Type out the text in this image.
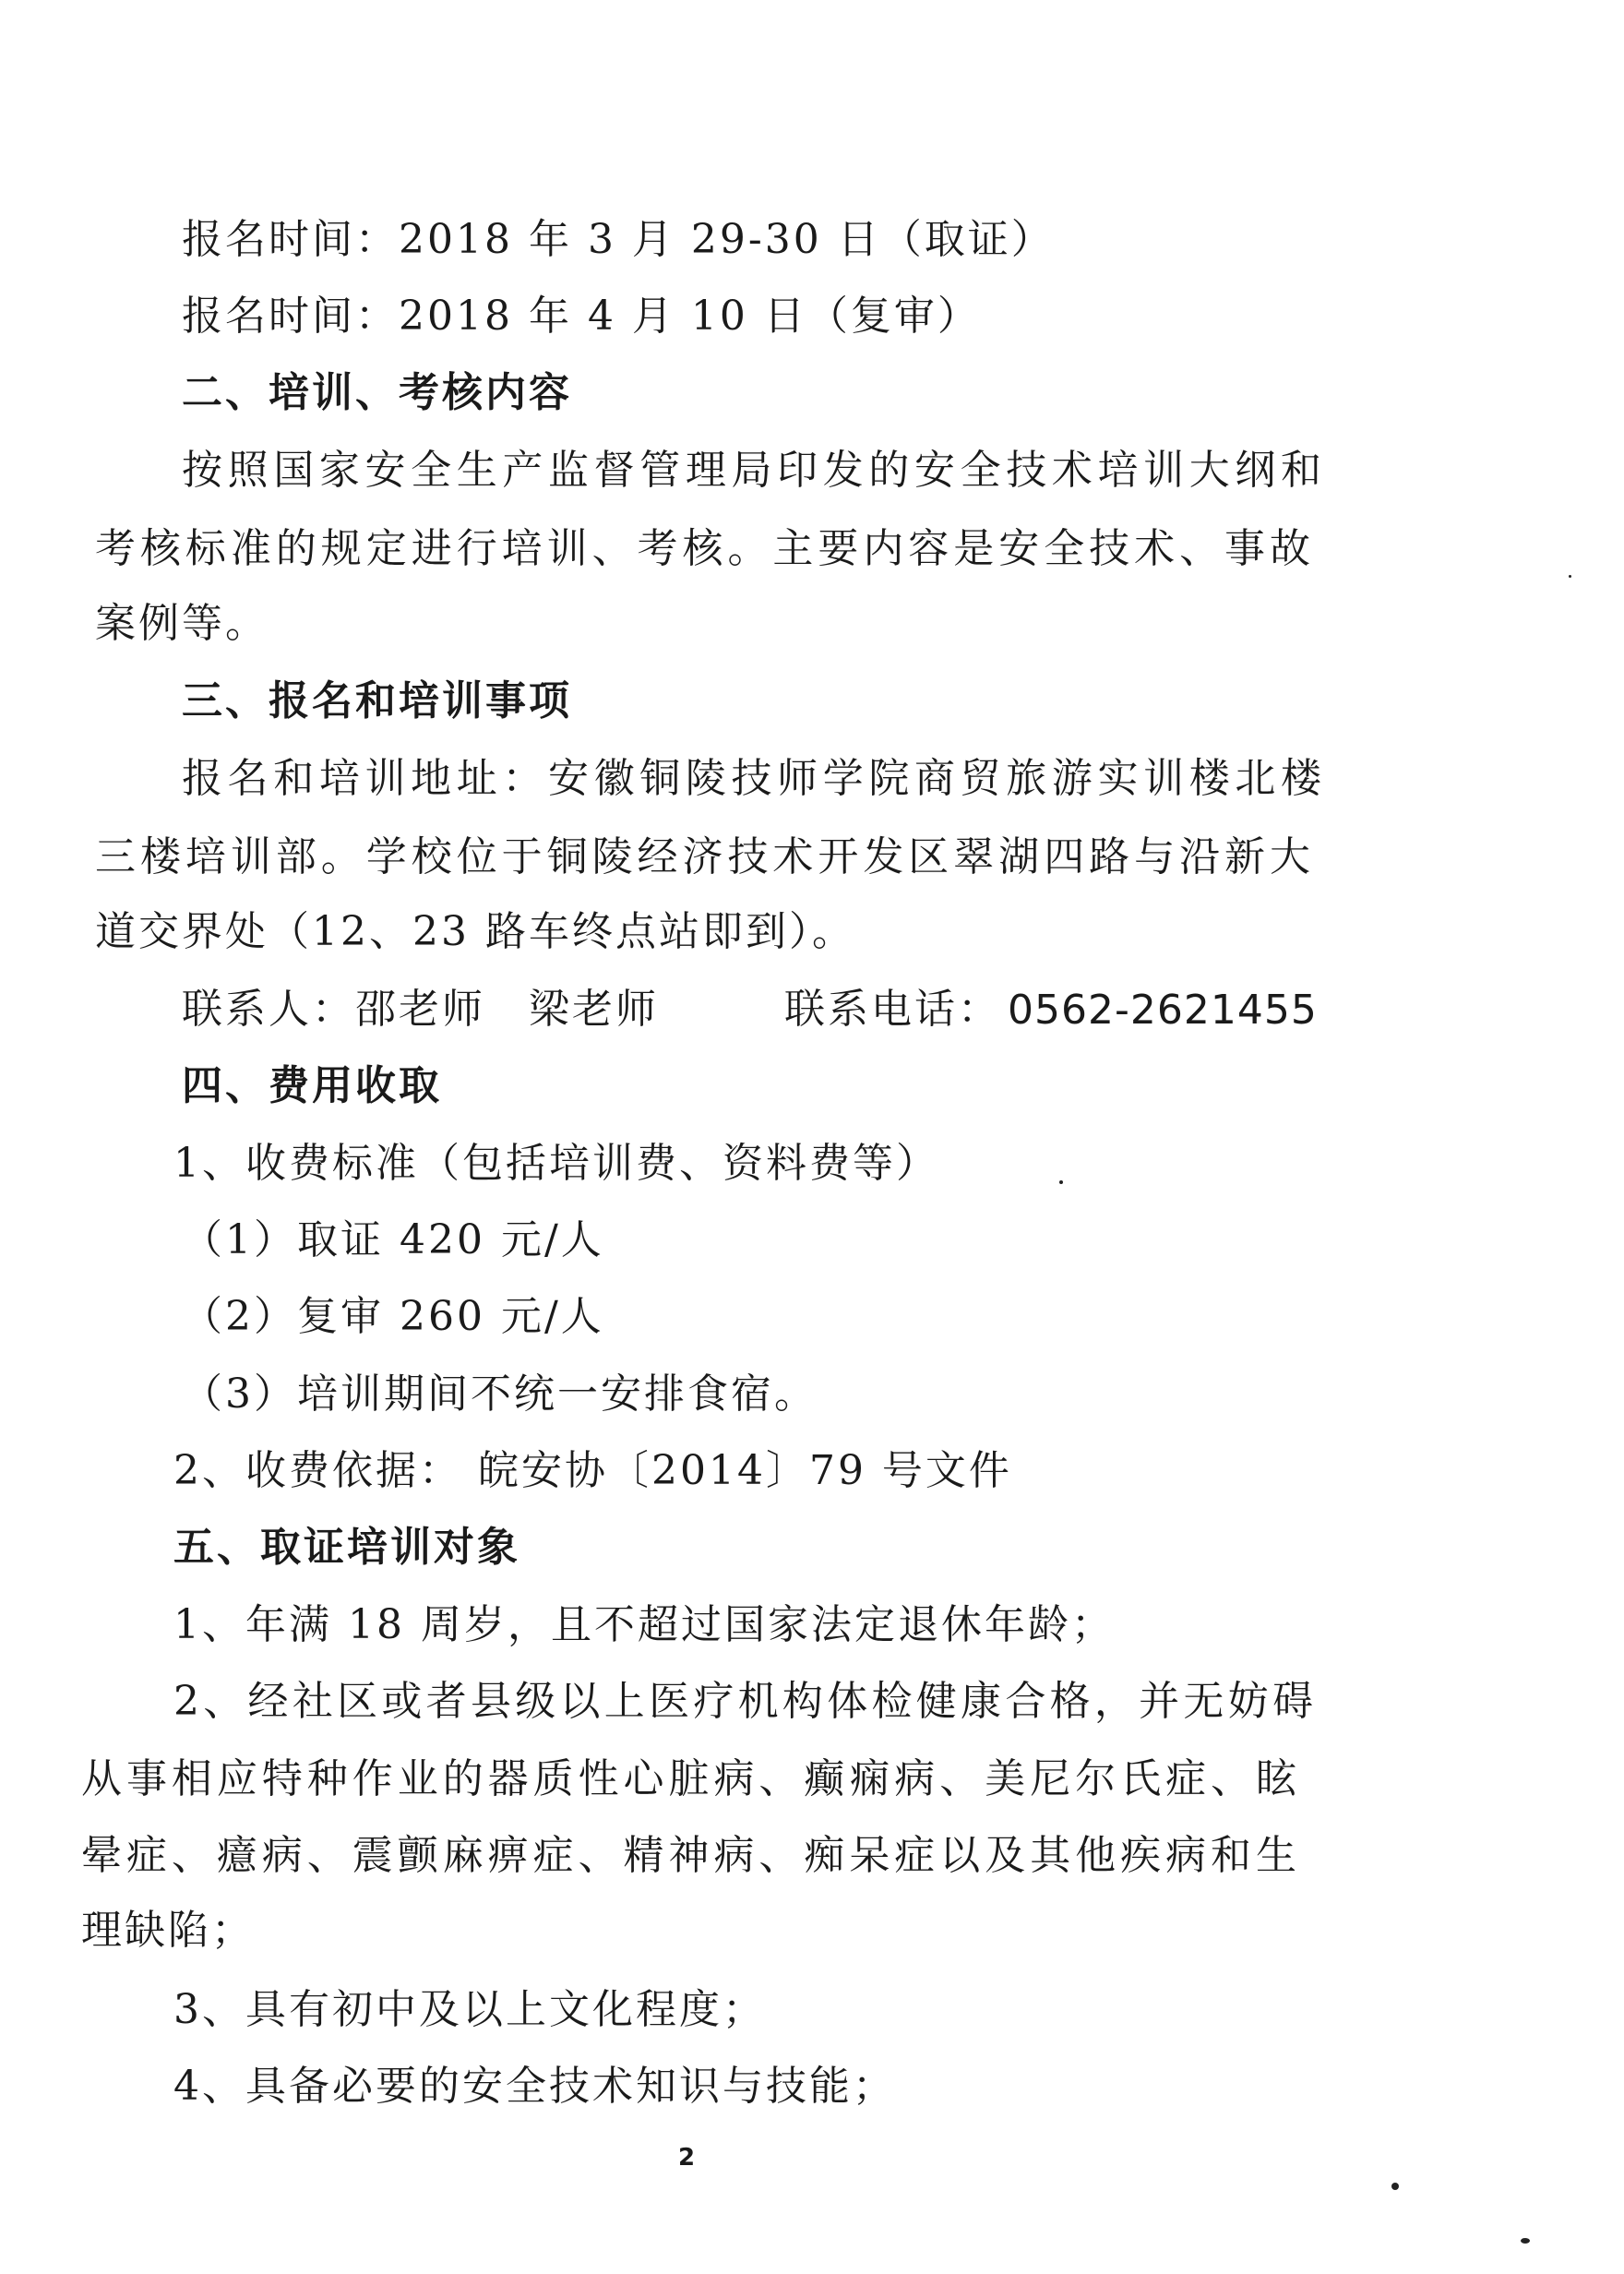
报名时间：2018 年 3 月 29-30 日（取证）
报名时间：2018 年 4 月 10 日（复审）
二、培训、考核内容
按照国家安全生产监督管理局印发的安全技术培训大纲和
考核标准的规定进行培训、考核。主要内容是安全技术、事故
案例等。
三、报名和培训事项
报名和培训地址：安徽铜陵技师学院商贸旅游实训楼北楼
三楼培训部。学校位于铜陵经济技术开发区翠湖四路与沿新大
道交界处（12、23 路车终点站即到）。
联系人：邵老师　梁老师	联系电话： 0562-2621455
四、费用收取
1、收费标准（包括培训费、资料费等）
（1）取证 420 元/人
（2）复审 260 元/人
（3）培训期间不统一安排食宿。
2、收费依据： 皖安协〔2014〕79 号文件
五、取证培训对象
1、年满 18 周岁，且不超过国家法定退休年龄；
2、经社区或者县级以上医疗机构体检健康合格，并无妨碍
从事相应特种作业的器质性心脏病、癫痫病、美尼尔氏症、眩
晕症、癔病、震颤麻痹症、精神病、痴呆症以及其他疾病和生
理缺陷；
3、具有初中及以上文化程度；
4、具备必要的安全技术知识与技能；
2
